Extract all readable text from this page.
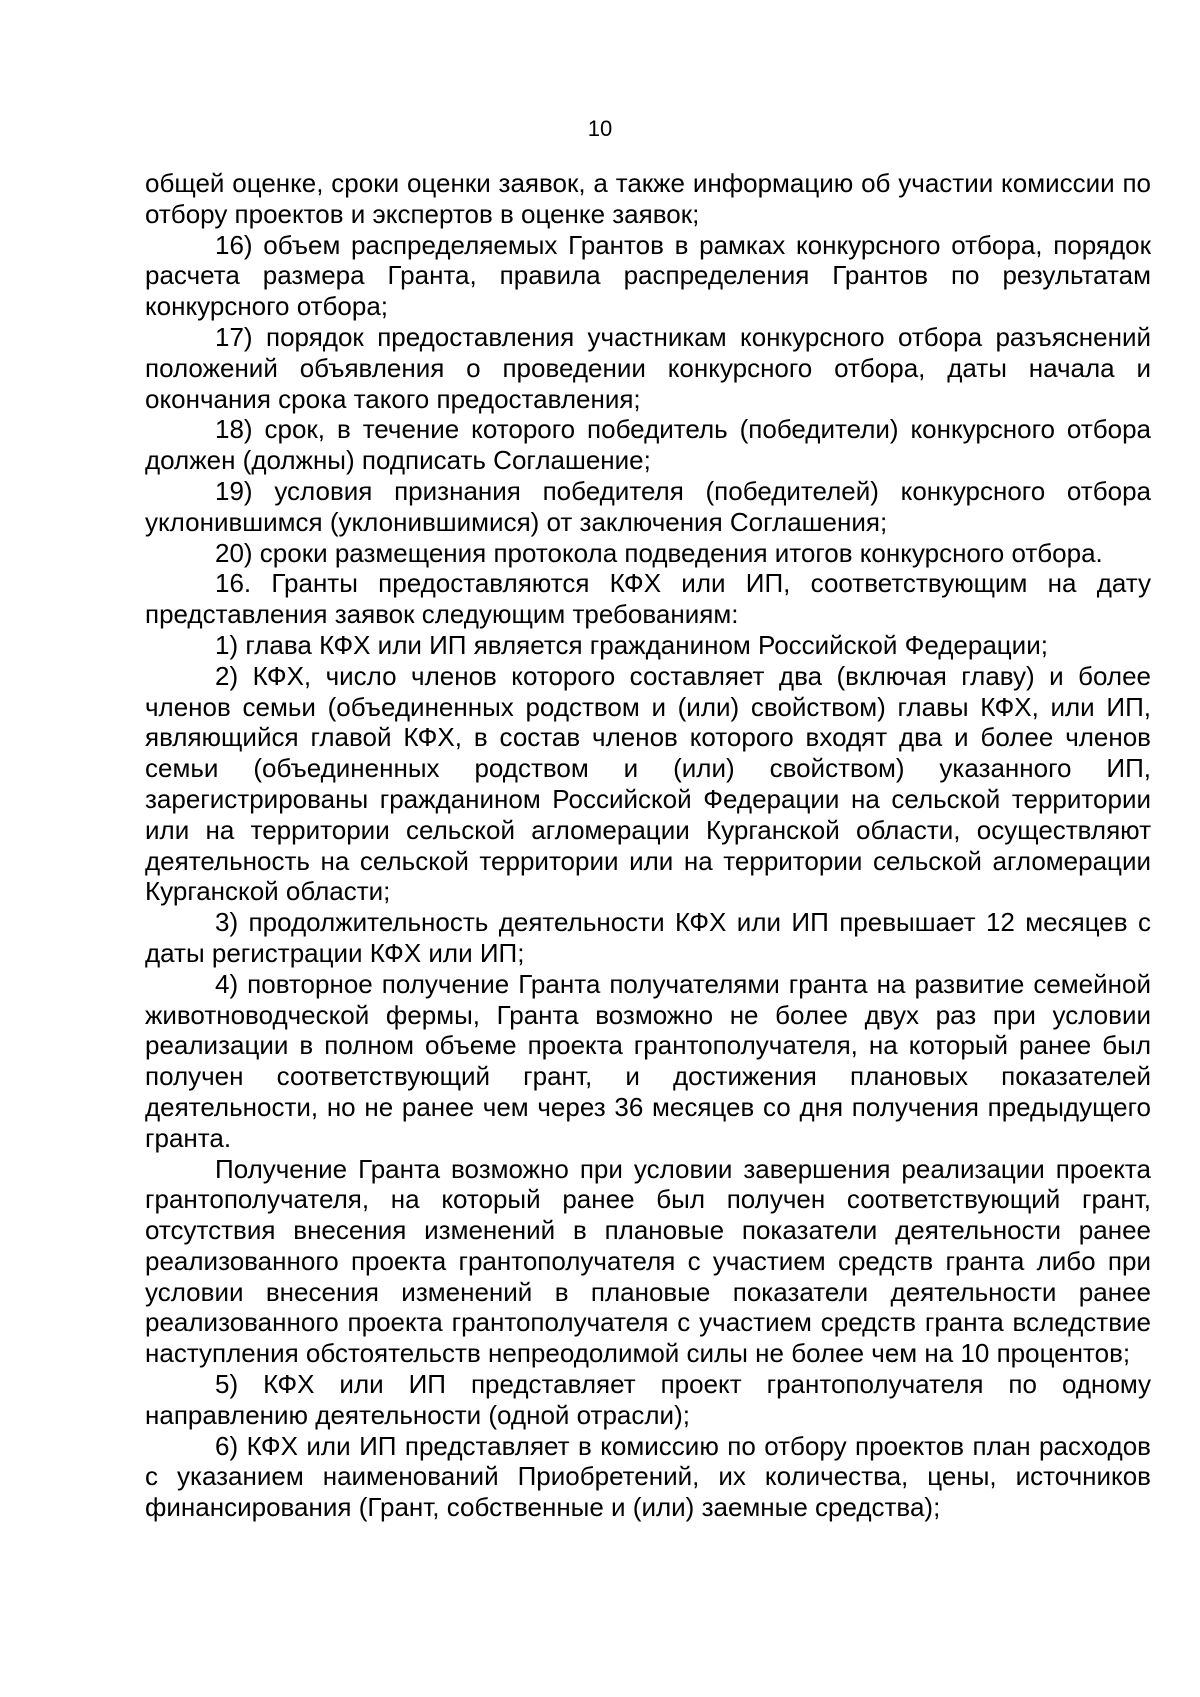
10

общей оценке, сроки оценки заявок, а также информацию об участии комиссии по отбору проектов и экспертов в оценке заявок;

16) объем распределяемых Грантов в рамках конкурсного отбора, порядок расчета размера Гранта, правила распределения Грантов по результатам конкурсного отбора;

17) порядок предоставления участникам конкурсного отбора разъяснений положений объявления о проведении конкурсного отбора, даты начала и окончания срока такого предоставления;

18) срок, в течение которого победитель (победители) конкурсного отбора должен (должны) подписать Соглашение;

19) условия признания победителя (победителей) конкурсного отбора уклонившимся (уклонившимися) от заключения Соглашения;

20) сроки размещения протокола подведения итогов конкурсного отбора.

16. Гранты предоставляются КФХ или ИП, соответствующим на дату представления заявок следующим требованиям:

1) глава КФХ или ИП является гражданином Российской Федерации;

2) КФХ, число членов которого составляет два (включая главу) и более членов семьи (объединенных родством и (или) свойством) главы КФХ, или ИП, являющийся главой КФХ, в состав членов которого входят два и более членов семьи (объединенных родством и (или) свойством) указанного ИП, зарегистрированы гражданином Российской Федерации на сельской территории или на территории сельской агломерации Курганской области, осуществляют деятельность на сельской территории или на территории сельской агломерации Курганской области;

3) продолжительность деятельности КФХ или ИП превышает 12 месяцев с даты регистрации КФХ или ИП;

4) повторное получение Гранта получателями гранта на развитие семейной животноводческой фермы, Гранта возможно не более двух раз при условии реализации в полном объеме проекта грантополучателя, на который ранее был получен соответствующий грант, и достижения плановых показателей деятельности, но не ранее чем через 36 месяцев со дня получения предыдущего гранта.

Получение Гранта возможно при условии завершения реализации проекта грантополучателя, на который ранее был получен соответствующий грант, отсутствия внесения изменений в плановые показатели деятельности ранее реализованного проекта грантополучателя с участием средств гранта либо при условии внесения изменений в плановые показатели деятельности ранее реализованного проекта грантополучателя с участием средств гранта вследствие наступления обстоятельств непреодолимой силы не более чем на 10 процентов;

5) КФХ или ИП представляет проект грантополучателя по одному направлению деятельности (одной отрасли);

6) КФХ или ИП представляет в комиссию по отбору проектов план расходов с указанием наименований Приобретений, их количества, цены, источников финансирования (Грант, собственные и (или) заемные средства);
